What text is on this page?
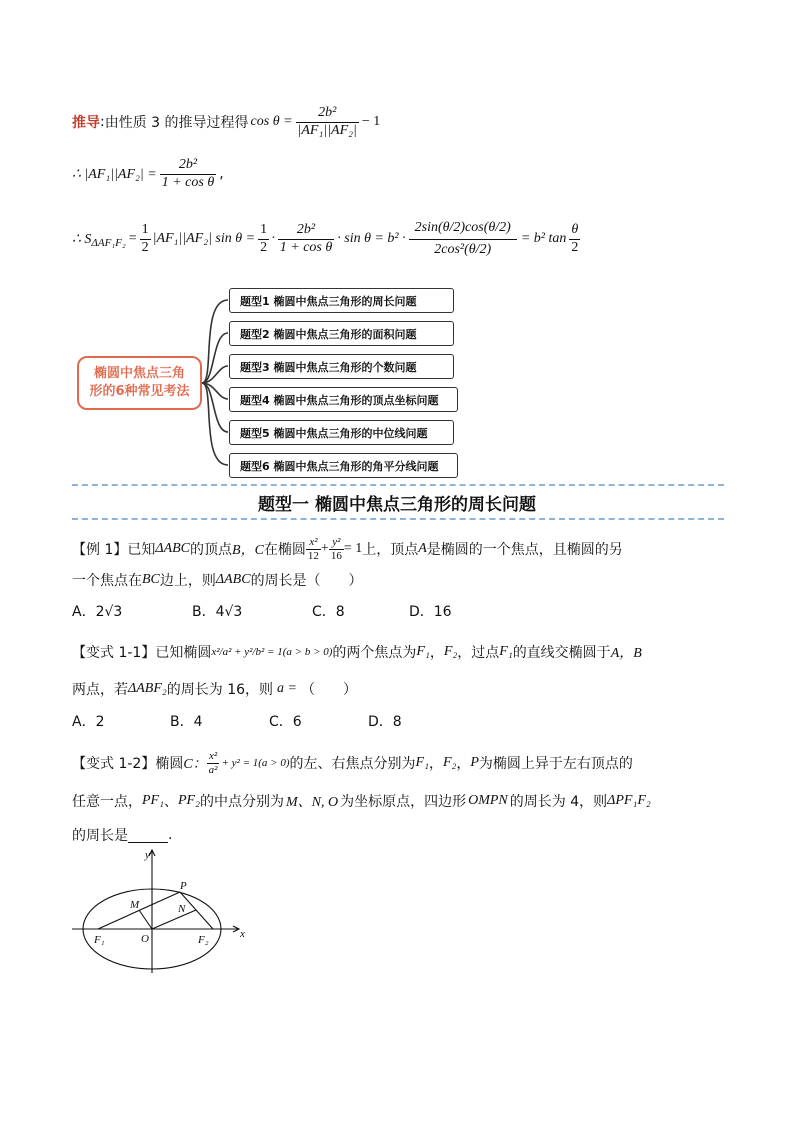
推导 : 由性质 3 的推导过程得 $\cos \theta = \frac{\text{2b²}}{\text{|AF₁||AF₂|}} - 1$
∴ $|AF_1||AF_2| = \frac{\text{2b²}}{\text{1 + cos θ}}$ ,
∴ S $\Delta AF_1F_2 = \frac{1}{2} |AF_1||AF_2|$ $\sin \theta = \frac{1}{2} \cdot \frac{\text{2b²}}{\text{1 + cos θ}} \cdot \sin \theta = b^2 \cdot \frac{2\sin(\theta/2)\cos(\theta/2)}{\text{2cos²(θ/2)}} = b^2$ $\tan \frac{\theta}{2}$
椭圆中焦点三角
形的6种常见考法
题型1 椭圆中焦点三角形的周长问题
题型2 椭圆中焦点三角形的面积问题
题型3 椭圆中焦点三角形的个数问题
题型4 椭圆中焦点三角形的顶点坐标问题
题型5 椭圆中焦点三角形的中位线问题
题型6 椭圆中焦点三角形的角平分线问题
题型一 椭圆中焦点三角形的周长问题
【例 1】 已知 ΔABC 的顶点 B，C 在椭圆 $\frac{\text{x²}}{12} + \frac{\text{y²}}{16} = 1$ 上，顶点 A 是椭圆的一个焦点，且椭圆的另
一个焦点在 BC 边上，则 ΔABC 的周长是（　　）
A．2√3	B．4√3	C．8	D．16
【变式 1-1】 已知椭圆 x²/a² + y²/b² = 1(a > b > 0) 的两个焦点为 F₁ ， F₂ ，过点 F₁ 的直线交椭圆于 A，B
两点，若 ΔABF₂ 的周长为 16，则 a = （　　）
A．2	B．4	C．6	D．8
【变式 1-2】 椭圆 C： $\frac{\text{x²}}{\text{a²}} + y^2 = 1(a > 0)$ 的左、右焦点分别为 F₁ ， F₂ ， P 为椭圆上异于左右顶点的
任意一点， PF₁ 、 PF₂ 的中点分别为 M、N, O 为坐标原点，四边形 OMPN 的周长为 4，则 ΔPF₁F₂
的周长是	.
y
x
P
M	N
O
F₁	F₂
